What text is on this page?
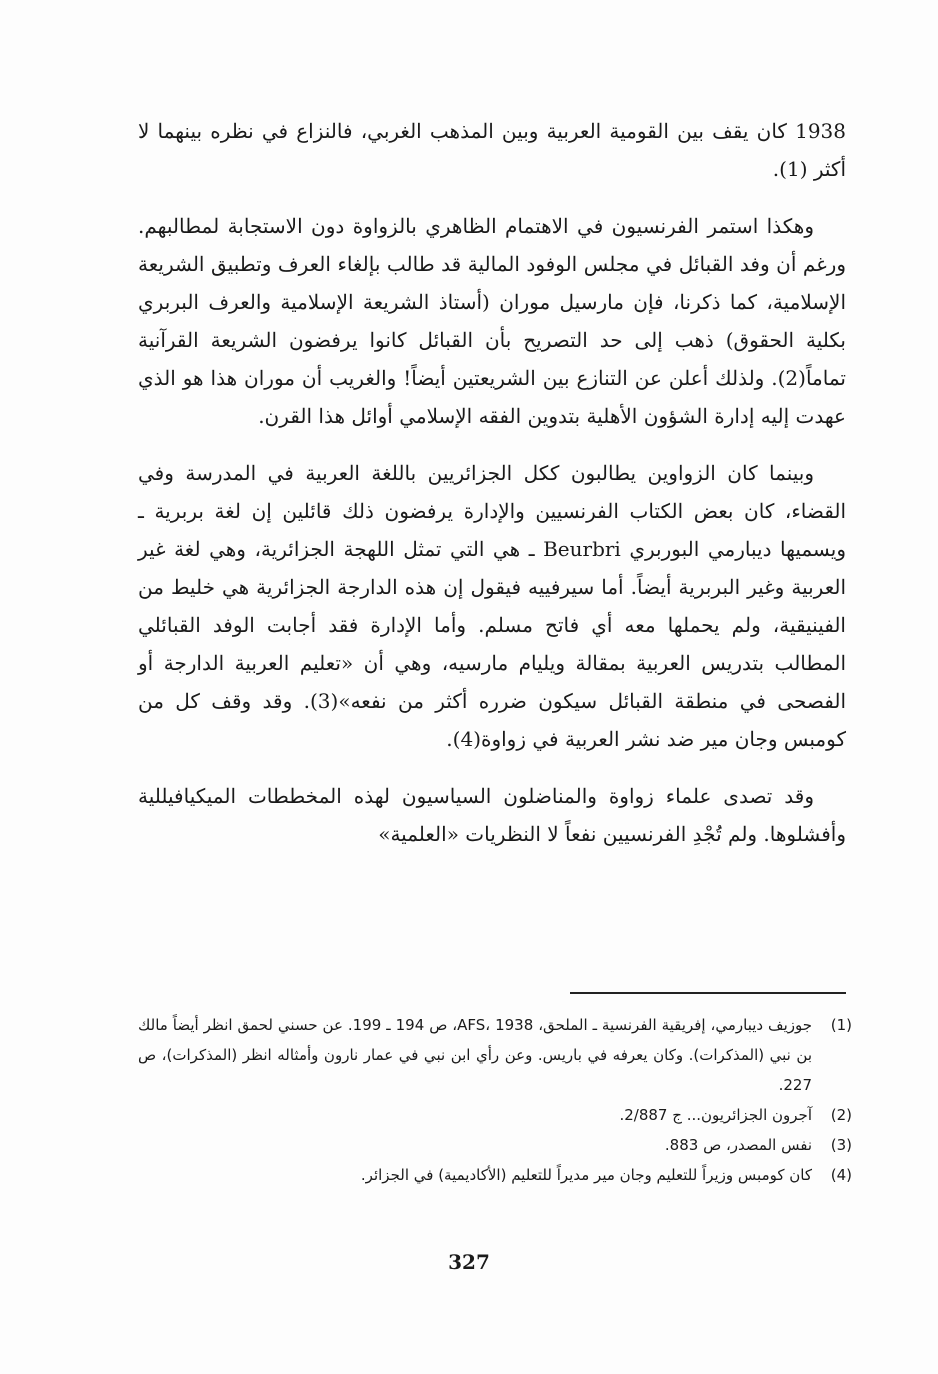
1938 كان يقف بين القومية العربية وبين المذهب الغربي، فالنزاع في نظره بينهما لا أكثر (1).

وهكذا استمر الفرنسيون في الاهتمام الظاهري بالزواوة دون الاستجابة لمطالبهم. ورغم أن وفد القبائل في مجلس الوفود المالية قد طالب بإلغاء العرف وتطبيق الشريعة الإسلامية، كما ذكرنا، فإن مارسيل موران (أستاذ الشريعة الإسلامية والعرف البربري بكلية الحقوق) ذهب إلى حد التصريح بأن القبائل كانوا يرفضون الشريعة القرآنية تماماً(2). ولذلك أعلن عن التنازع بين الشريعتين أيضاً! والغريب أن موران هذا هو الذي عهدت إليه إدارة الشؤون الأهلية بتدوين الفقه الإسلامي أوائل هذا القرن.

وبينما كان الزواوين يطالبون ككل الجزائريين باللغة العربية في المدرسة وفي القضاء، كان بعض الكتاب الفرنسيين والإدارة يرفضون ذلك قائلين إن لغة بربرية ـ ويسميها ديبارمي البوربري Beurbri ـ هي التي تمثل اللهجة الجزائرية، وهي لغة غير العربية وغير البربرية أيضاً. أما سيرفييه فيقول إن هذه الدارجة الجزائرية هي خليط من الفينيقية، ولم يحملها معه أي فاتح مسلم. وأما الإدارة فقد أجابت الوفد القبائلي المطالب بتدريس العربية بمقالة ويليام مارسيه، وهي أن «تعليم العربية الدارجة أو الفصحى في منطقة القبائل سيكون ضرره أكثر من نفعه»(3). وقد وقف كل من كومبس وجان مير ضد نشر العربية في زواوة(4).

وقد تصدى علماء زواوة والمناضلون السياسيون لهذه المخططات الميكيافيللية وأفشلوها. ولم تُجْدِ الفرنسيين نفعاً لا النظريات «العلمية»

(1)
جوزيف ديبارمي، إفريقية الفرنسية ـ الملحق، AFS، 1938، ص 194 ـ 199. عن حسني لحمق انظر أيضاً مالك بن نبي (المذكرات). وكان يعرفه في باريس. وعن رأي ابن نبي في عمار نارون وأمثاله انظر (المذكرات)، ص 227.
(2)
آجرون الجزائريون... ج 2/887.
(3)
نفس المصدر، ص 883.
(4)
كان كومبس وزيراً للتعليم وجان مير مديراً للتعليم (الأكاديمية) في الجزائر.
327
